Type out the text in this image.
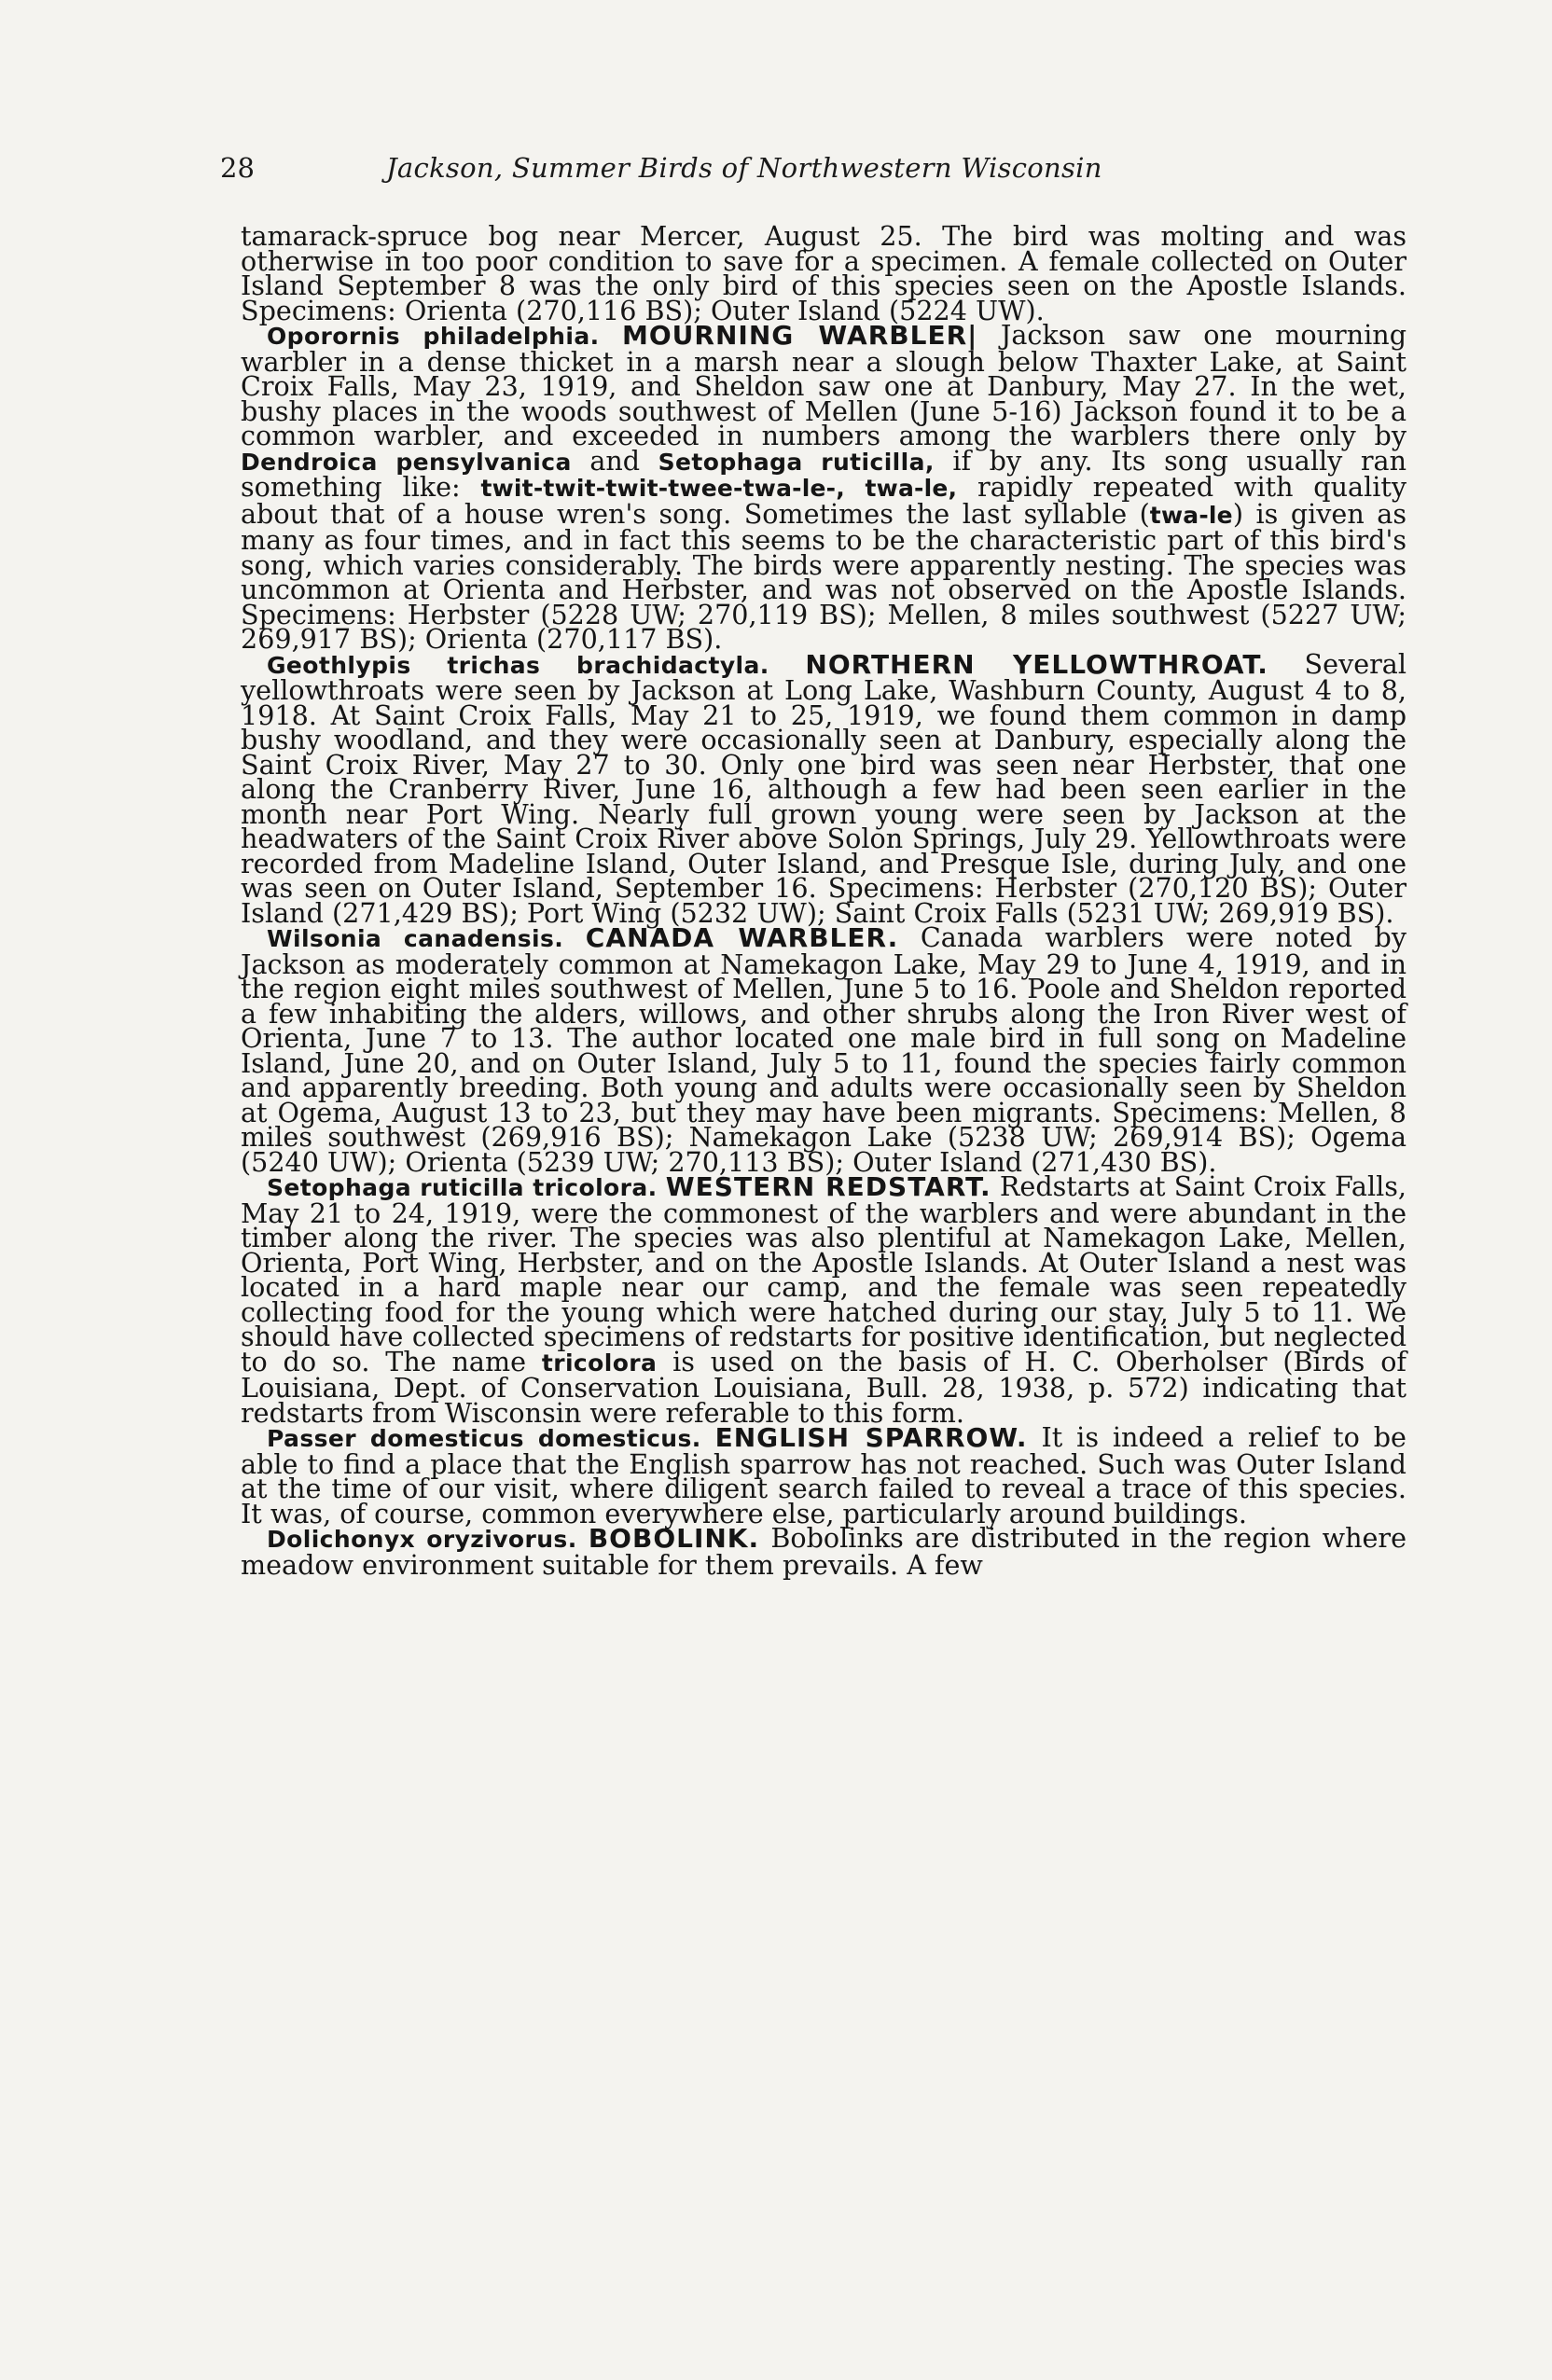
28	Jackson, Summer Birds of Northwestern Wisconsin

tamarack-spruce bog near Mercer, August 25. The bird was molting and was otherwise in too poor condition to save for a specimen. A female collected on Outer Island September 8 was the only bird of this species seen on the Apostle Islands. Specimens: Orienta (270,116 BS); Outer Island (5224 UW).

Oporornis philadelphia. MOURNING WARBLER| Jackson saw one mourning warbler in a dense thicket in a marsh near a slough below Thaxter Lake, at Saint Croix Falls, May 23, 1919, and Sheldon saw one at Danbury, May 27. In the wet, bushy places in the woods southwest of Mellen (June 5-16) Jackson found it to be a common warbler, and exceeded in numbers among the warblers there only by Dendroica pensylvanica and Setophaga ruticilla, if by any. Its song usually ran something like: twit-twit-twit-twee-twa-le-, twa-le, rapidly repeated with quality about that of a house wren's song. Sometimes the last syllable (twa-le) is given as many as four times, and in fact this seems to be the characteristic part of this bird's song, which varies considerably. The birds were apparently nesting. The species was uncommon at Orienta and Herbster, and was not observed on the Apostle Islands. Specimens: Herbster (5228 UW; 270,119 BS); Mellen, 8 miles southwest (5227 UW; 269,917 BS); Orienta (270,117 BS).

Geothlypis trichas brachidactyla. NORTHERN YELLOWTHROAT. Several yellowthroats were seen by Jackson at Long Lake, Washburn County, August 4 to 8, 1918. At Saint Croix Falls, May 21 to 25, 1919, we found them common in damp bushy woodland, and they were occasionally seen at Danbury, especially along the Saint Croix River, May 27 to 30. Only one bird was seen near Herbster, that one along the Cranberry River, June 16, although a few had been seen earlier in the month near Port Wing. Nearly full grown young were seen by Jackson at the headwaters of the Saint Croix River above Solon Springs, July 29. Yellowthroats were recorded from Madeline Island, Outer Island, and Presque Isle, during July, and one was seen on Outer Island, September 16. Specimens: Herbster (270,120 BS); Outer Island (271,429 BS); Port Wing (5232 UW); Saint Croix Falls (5231 UW; 269,919 BS).

Wilsonia canadensis. CANADA WARBLER. Canada warblers were noted by Jackson as moderately common at Namekagon Lake, May 29 to June 4, 1919, and in the region eight miles southwest of Mellen, June 5 to 16. Poole and Sheldon reported a few inhabiting the alders, willows, and other shrubs along the Iron River west of Orienta, June 7 to 13. The author located one male bird in full song on Madeline Island, June 20, and on Outer Island, July 5 to 11, found the species fairly common and apparently breeding. Both young and adults were occasionally seen by Sheldon at Ogema, August 13 to 23, but they may have been migrants. Specimens: Mellen, 8 miles southwest (269,916 BS); Namekagon Lake (5238 UW; 269,914 BS); Ogema (5240 UW); Orienta (5239 UW; 270,113 BS); Outer Island (271,430 BS).

Setophaga ruticilla tricolora. WESTERN REDSTART. Redstarts at Saint Croix Falls, May 21 to 24, 1919, were the commonest of the warblers and were abundant in the timber along the river. The species was also plentiful at Namekagon Lake, Mellen, Orienta, Port Wing, Herbster, and on the Apostle Islands. At Outer Island a nest was located in a hard maple near our camp, and the female was seen repeatedly collecting food for the young which were hatched during our stay, July 5 to 11. We should have collected specimens of redstarts for positive identification, but neglected to do so. The name tricolora is used on the basis of H. C. Oberholser (Birds of Louisiana, Dept. of Conservation Louisiana, Bull. 28, 1938, p. 572) indicating that redstarts from Wisconsin were referable to this form.

Passer domesticus domesticus. ENGLISH SPARROW. It is indeed a relief to be able to find a place that the English sparrow has not reached. Such was Outer Island at the time of our visit, where diligent search failed to reveal a trace of this species. It was, of course, common everywhere else, particularly around buildings.

Dolichonyx oryzivorus. BOBOLINK. Bobolinks are distributed in the region where meadow environment suitable for them prevails. A few
